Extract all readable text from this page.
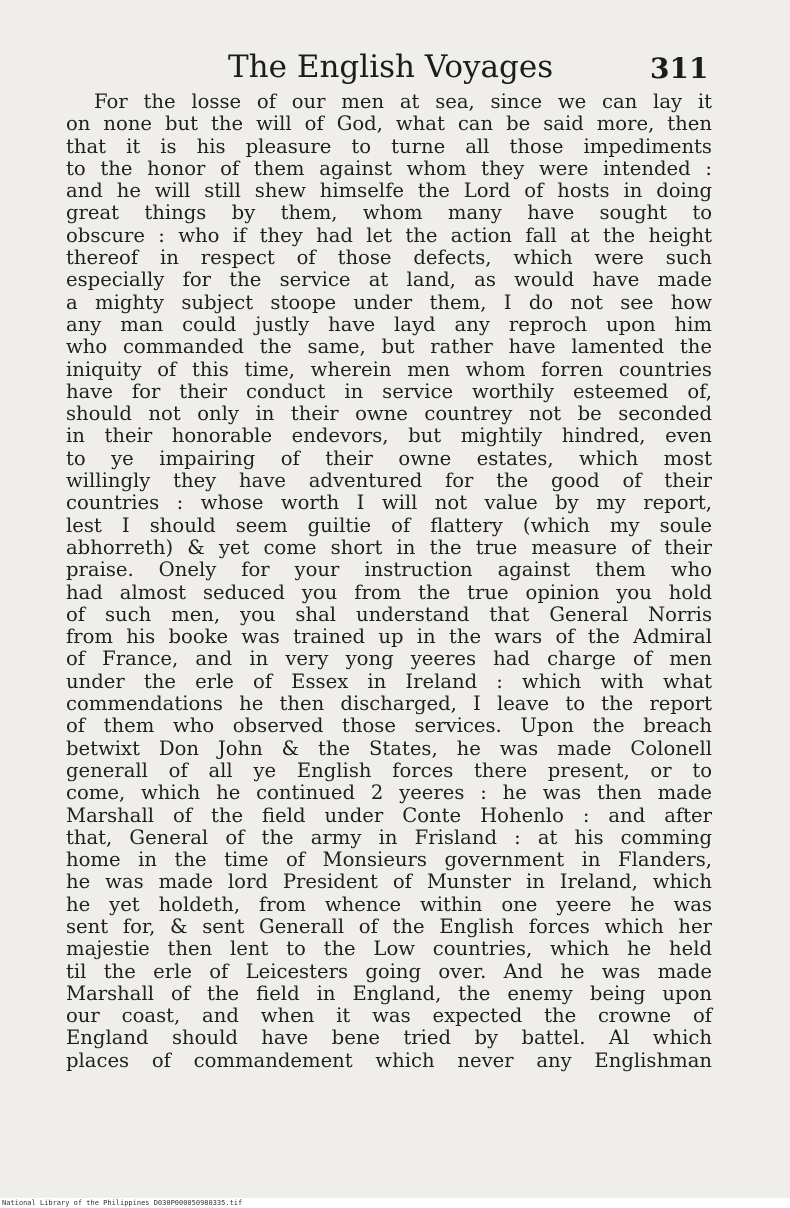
The English Voyages	311
For the losse of our men at sea, since we can lay it
on none but the will of God, what can be said more, then
that it is his pleasure to turne all those impediments
to the honor of them against whom they were intended :
and he will still shew himselfe the Lord of hosts in doing
great things by them, whom many have sought to
obscure : who if they had let the action fall at the height
thereof in respect of those defects, which were such
especially for the service at land, as would have made
a mighty subject stoope under them, I do not see how
any man could justly have layd any reproch upon him
who commanded the same, but rather have lamented the
iniquity of this time, wherein men whom forren countries
have for their conduct in service worthily esteemed of,
should not only in their owne countrey not be seconded
in their honorable endevors, but mightily hindred, even
to ye impairing of their owne estates, which most
willingly they have adventured for the good of their
countries : whose worth I will not value by my report,
lest I should seem guiltie of flattery (which my soule
abhorreth) & yet come short in the true measure of their
praise. Onely for your instruction against them who
had almost seduced you from the true opinion you hold
of such men, you shal understand that General Norris
from his booke was trained up in the wars of the Admiral
of France, and in very yong yeeres had charge of men
under the erle of Essex in Ireland : which with what
commendations he then discharged, I leave to the report
of them who observed those services. Upon the breach
betwixt Don John & the States, he was made Colonell
generall of all ye English forces there present, or to
come, which he continued 2 yeeres : he was then made
Marshall of the field under Conte Hohenlo : and after
that, General of the army in Frisland : at his comming
home in the time of Monsieurs government in Flanders,
he was made lord President of Munster in Ireland, which
he yet holdeth, from whence within one yeere he was
sent for, & sent Generall of the English forces which her
majestie then lent to the Low countries, which he held
til the erle of Leicesters going over. And he was made
Marshall of the field in England, the enemy being upon
our coast, and when it was expected the crowne of
England should have bene tried by battel. Al which
places of commandement which never any Englishman
National Library of the Philippines D030P000050980335.tif
